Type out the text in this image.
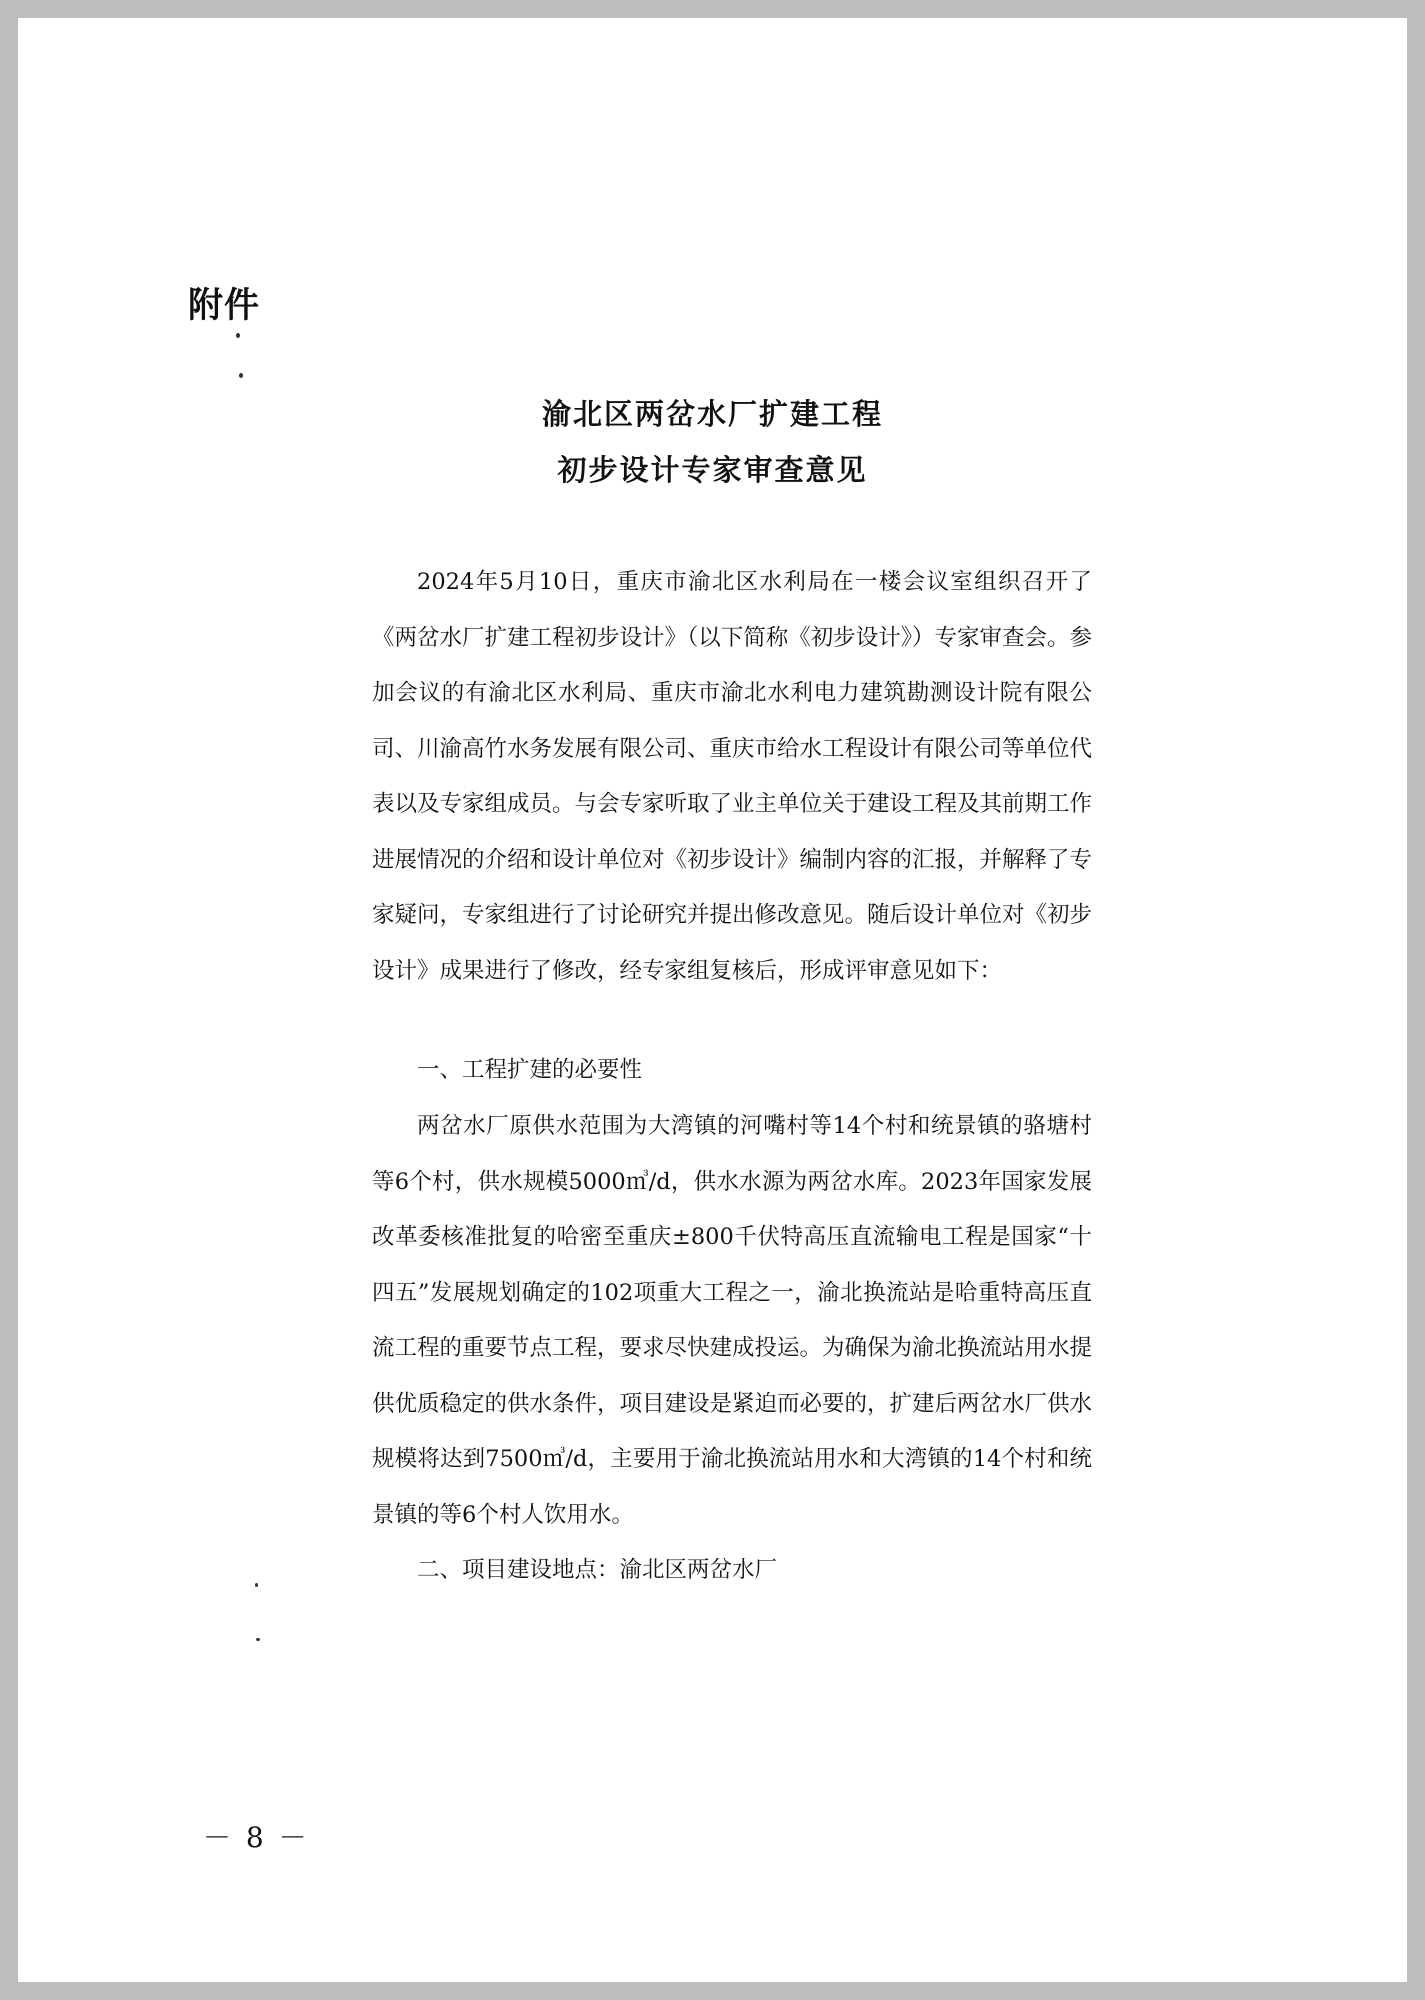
附件
渝北区两岔水厂扩建工程
初步设计专家审查意见

2024年5月10日，重庆市渝北区水利局在一楼会议室组织召开了《两岔水厂扩建工程初步设计》（以下简称《初步设计》）专家审查会。参加会议的有渝北区水利局、重庆市渝北水利电力建筑勘测设计院有限公司、川渝高竹水务发展有限公司、重庆市给水工程设计有限公司等单位代表以及专家组成员。与会专家听取了业主单位关于建设工程及其前期工作进展情况的介绍和设计单位对《初步设计》编制内容的汇报，并解释了专家疑问，专家组进行了讨论研究并提出修改意见。随后设计单位对《初步设计》成果进行了修改，经专家组复核后，形成评审意见如下：

一、工程扩建的必要性

两岔水厂原供水范围为大湾镇的河嘴村等14个村和统景镇的骆塘村等6个村，供水规模5000㎥/d，供水水源为两岔水库。2023年国家发展改革委核准批复的哈密至重庆±800千伏特高压直流输电工程是国家“十四五”发展规划确定的102项重大工程之一，渝北换流站是哈重特高压直流工程的重要节点工程，要求尽快建成投运。为确保为渝北换流站用水提供优质稳定的供水条件，项目建设是紧迫而必要的，扩建后两岔水厂供水规模将达到7500㎥/d，主要用于渝北换流站用水和大湾镇的14个村和统景镇的等6个村人饮用水。

二、项目建设地点：渝北区两岔水厂

－ 8 －
